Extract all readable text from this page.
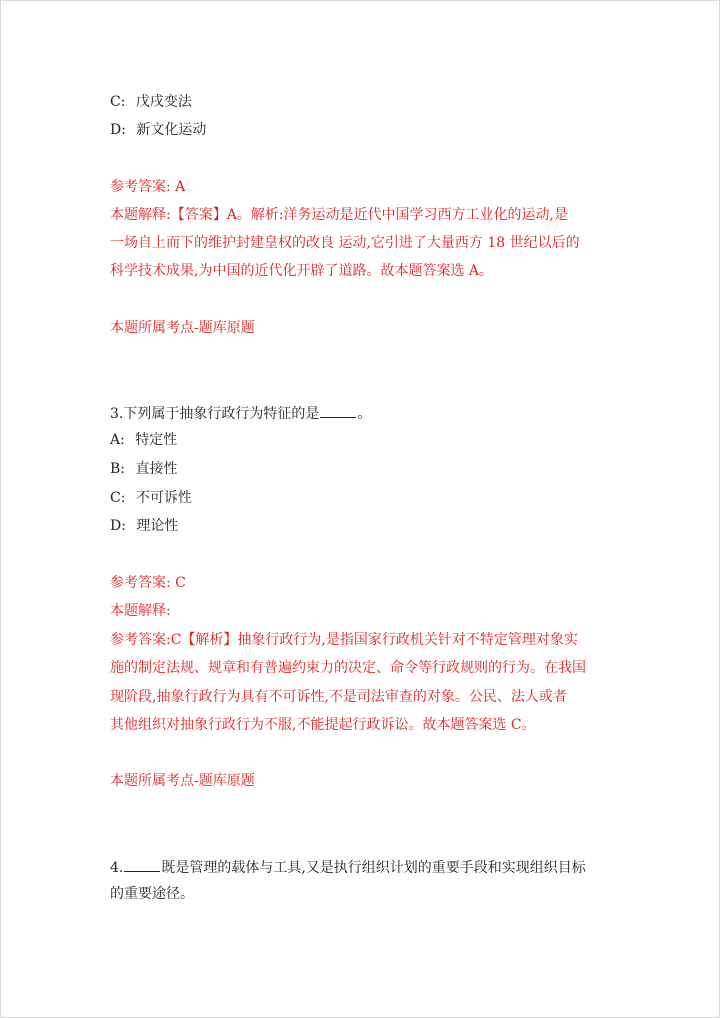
C: 戊戌变法
D: 新文化运动
参考答案: A
本题解释:【答案】A。解析:洋务运动是近代中国学习西方工业化的运动,是
一场自上而下的维护封建皇权的改良 运动,它引进了大量西方 18 世纪以后的
科学技术成果,为中国的近代化开辟了道路。故本题答案选 A。
本题所属考点-题库原题
3.下列属于抽象行政行为特征的是	。
A: 特定性
B: 直接性
C: 不可诉性
D: 理论性
参考答案: C
本题解释:
参考答案:C【解析】抽象行政行为,是指国家行政机关针对不特定管理对象实
施的制定法规、规章和有普遍约束力的决定、命令等行政规则的行为。在我国
现阶段,抽象行政行为具有不可诉性,不是司法审查的对象。公民、法人或者
其他组织对抽象行政行为不服,不能提起行政诉讼。故本题答案选 C。
本题所属考点-题库原题
4.	既是管理的载体与工具,又是执行组织计划的重要手段和实现组织目标
的重要途径。
